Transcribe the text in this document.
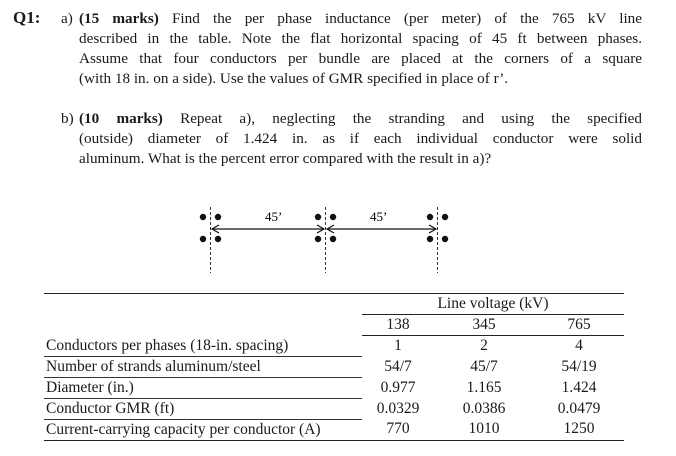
Q1: a) (15 marks) Find the per phase inductance (per meter) of the 765 kV line
described in the table. Note the flat horizontal spacing of 45 ft between phases.
Assume that four conductors per bundle are placed at the corners of a square
(with 18 in. on a side). Use the values of GMR specified in place of r’.
b) (10 marks) Repeat a), neglecting the stranding and using the specified
(outside) diameter of 1.424 in. as if each individual conductor were solid
aluminum. What is the percent error compared with the result in a)?
45’	45’
	Line voltage (kV)		
	138	345	765
Conductors per phases (18-in. spacing)	1	2	4
Number of strands aluminum/steel	54/7	45/7	54/19
Diameter (in.)	0.977	1.165	1.424
Conductor GMR (ft)	0.0329	0.0386	0.0479
Current-carrying capacity per conductor (A)	770	1010	1250
